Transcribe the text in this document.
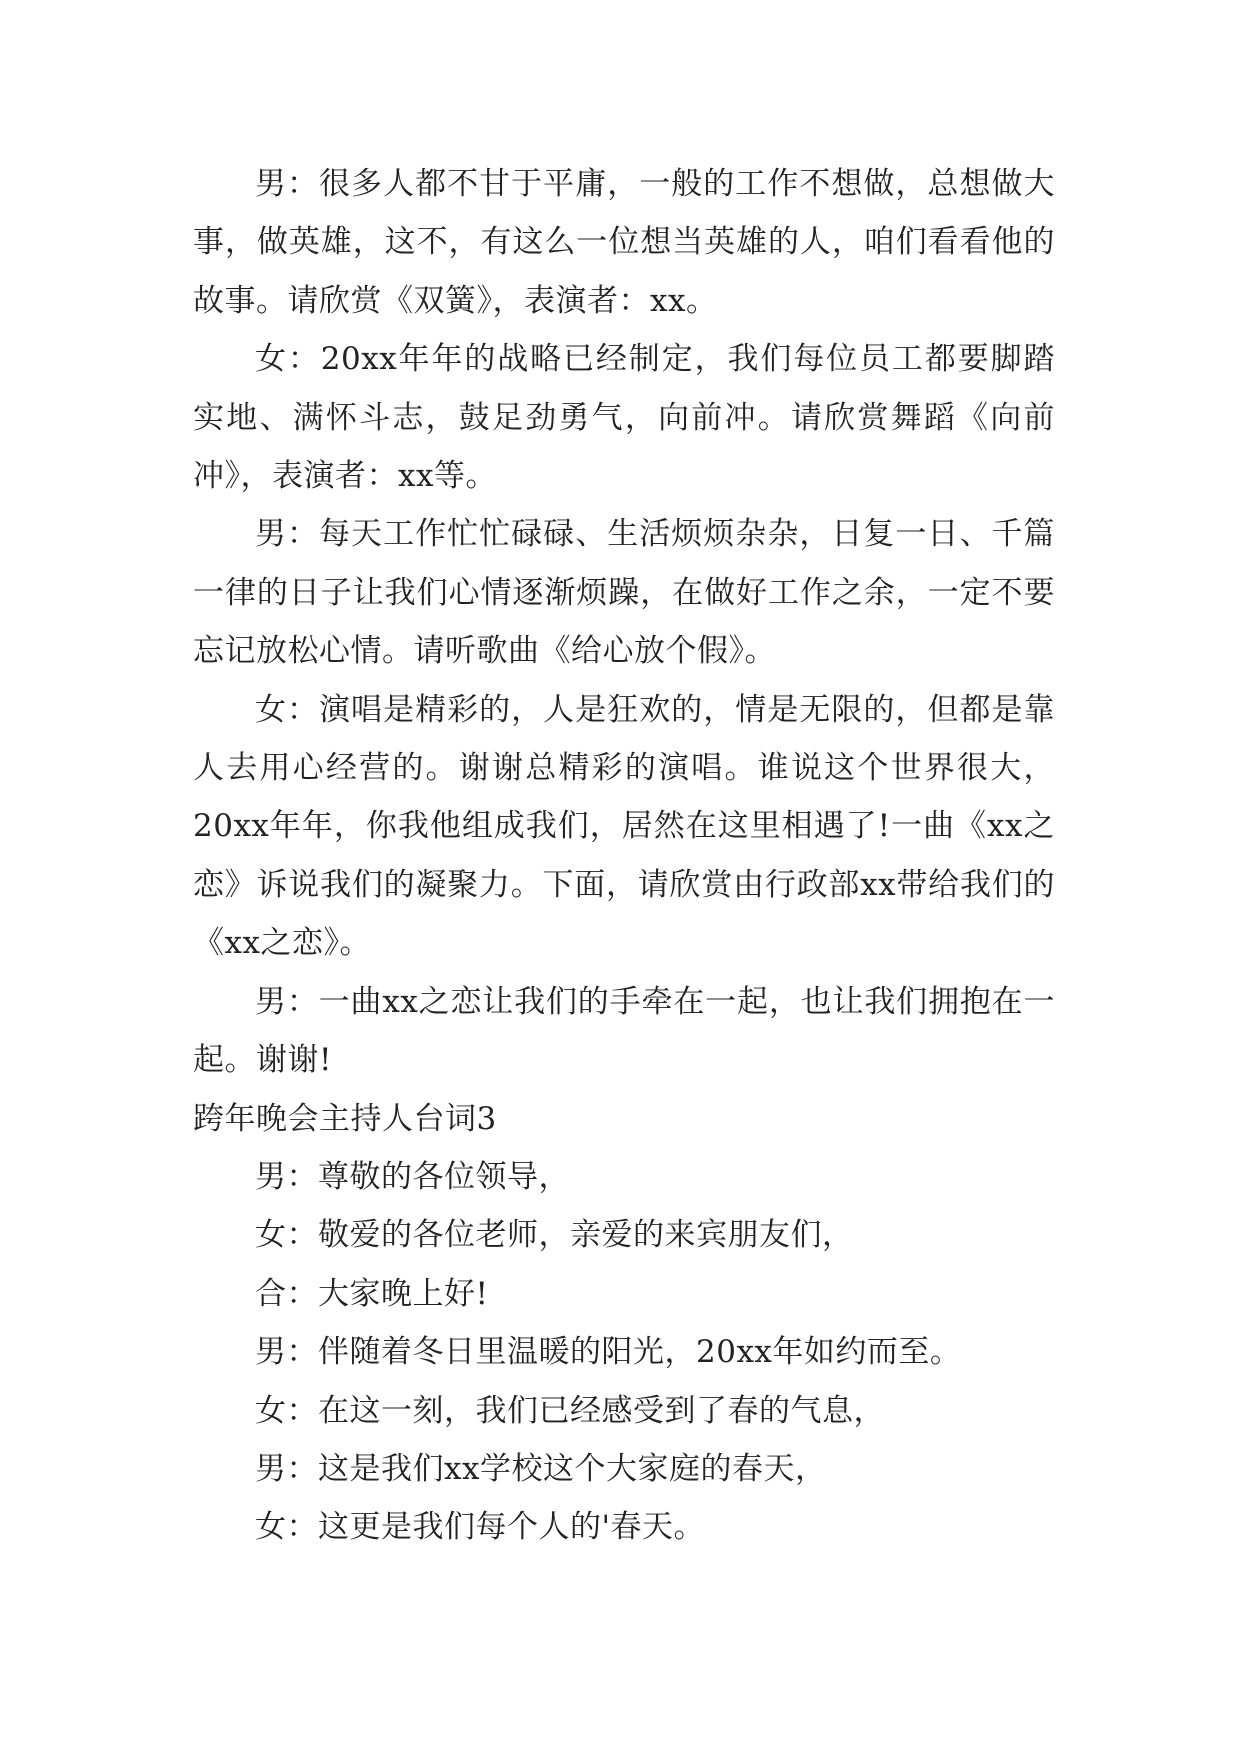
男：很多人都不甘于平庸，一般的工作不想做，总想做大事，做英雄，这不，有这么一位想当英雄的人，咱们看看他的故事。请欣赏《双簧》，表演者：xx。

女：20xx年年的战略已经制定，我们每位员工都要脚踏实地、满怀斗志，鼓足劲勇气，向前冲。请欣赏舞蹈《向前冲》，表演者：xx等。

男：每天工作忙忙碌碌、生活烦烦杂杂，日复一日、千篇一律的日子让我们心情逐渐烦躁，在做好工作之余，一定不要忘记放松心情。请听歌曲《给心放个假》。

女：演唱是精彩的，人是狂欢的，情是无限的，但都是靠人去用心经营的。谢谢总精彩的演唱。谁说这个世界很大，20xx年年，你我他组成我们，居然在这里相遇了!一曲《xx之恋》诉说我们的凝聚力。下面，请欣赏由行政部xx带给我们的《xx之恋》。

男：一曲xx之恋让我们的手牵在一起，也让我们拥抱在一起。谢谢!

跨年晚会主持人台词3

男：尊敬的各位领导，

女：敬爱的各位老师，亲爱的来宾朋友们，

合：大家晚上好!

男：伴随着冬日里温暖的阳光，20xx年如约而至。

女：在这一刻，我们已经感受到了春的气息，

男：这是我们xx学校这个大家庭的春天，

女：这更是我们每个人的'春天。
